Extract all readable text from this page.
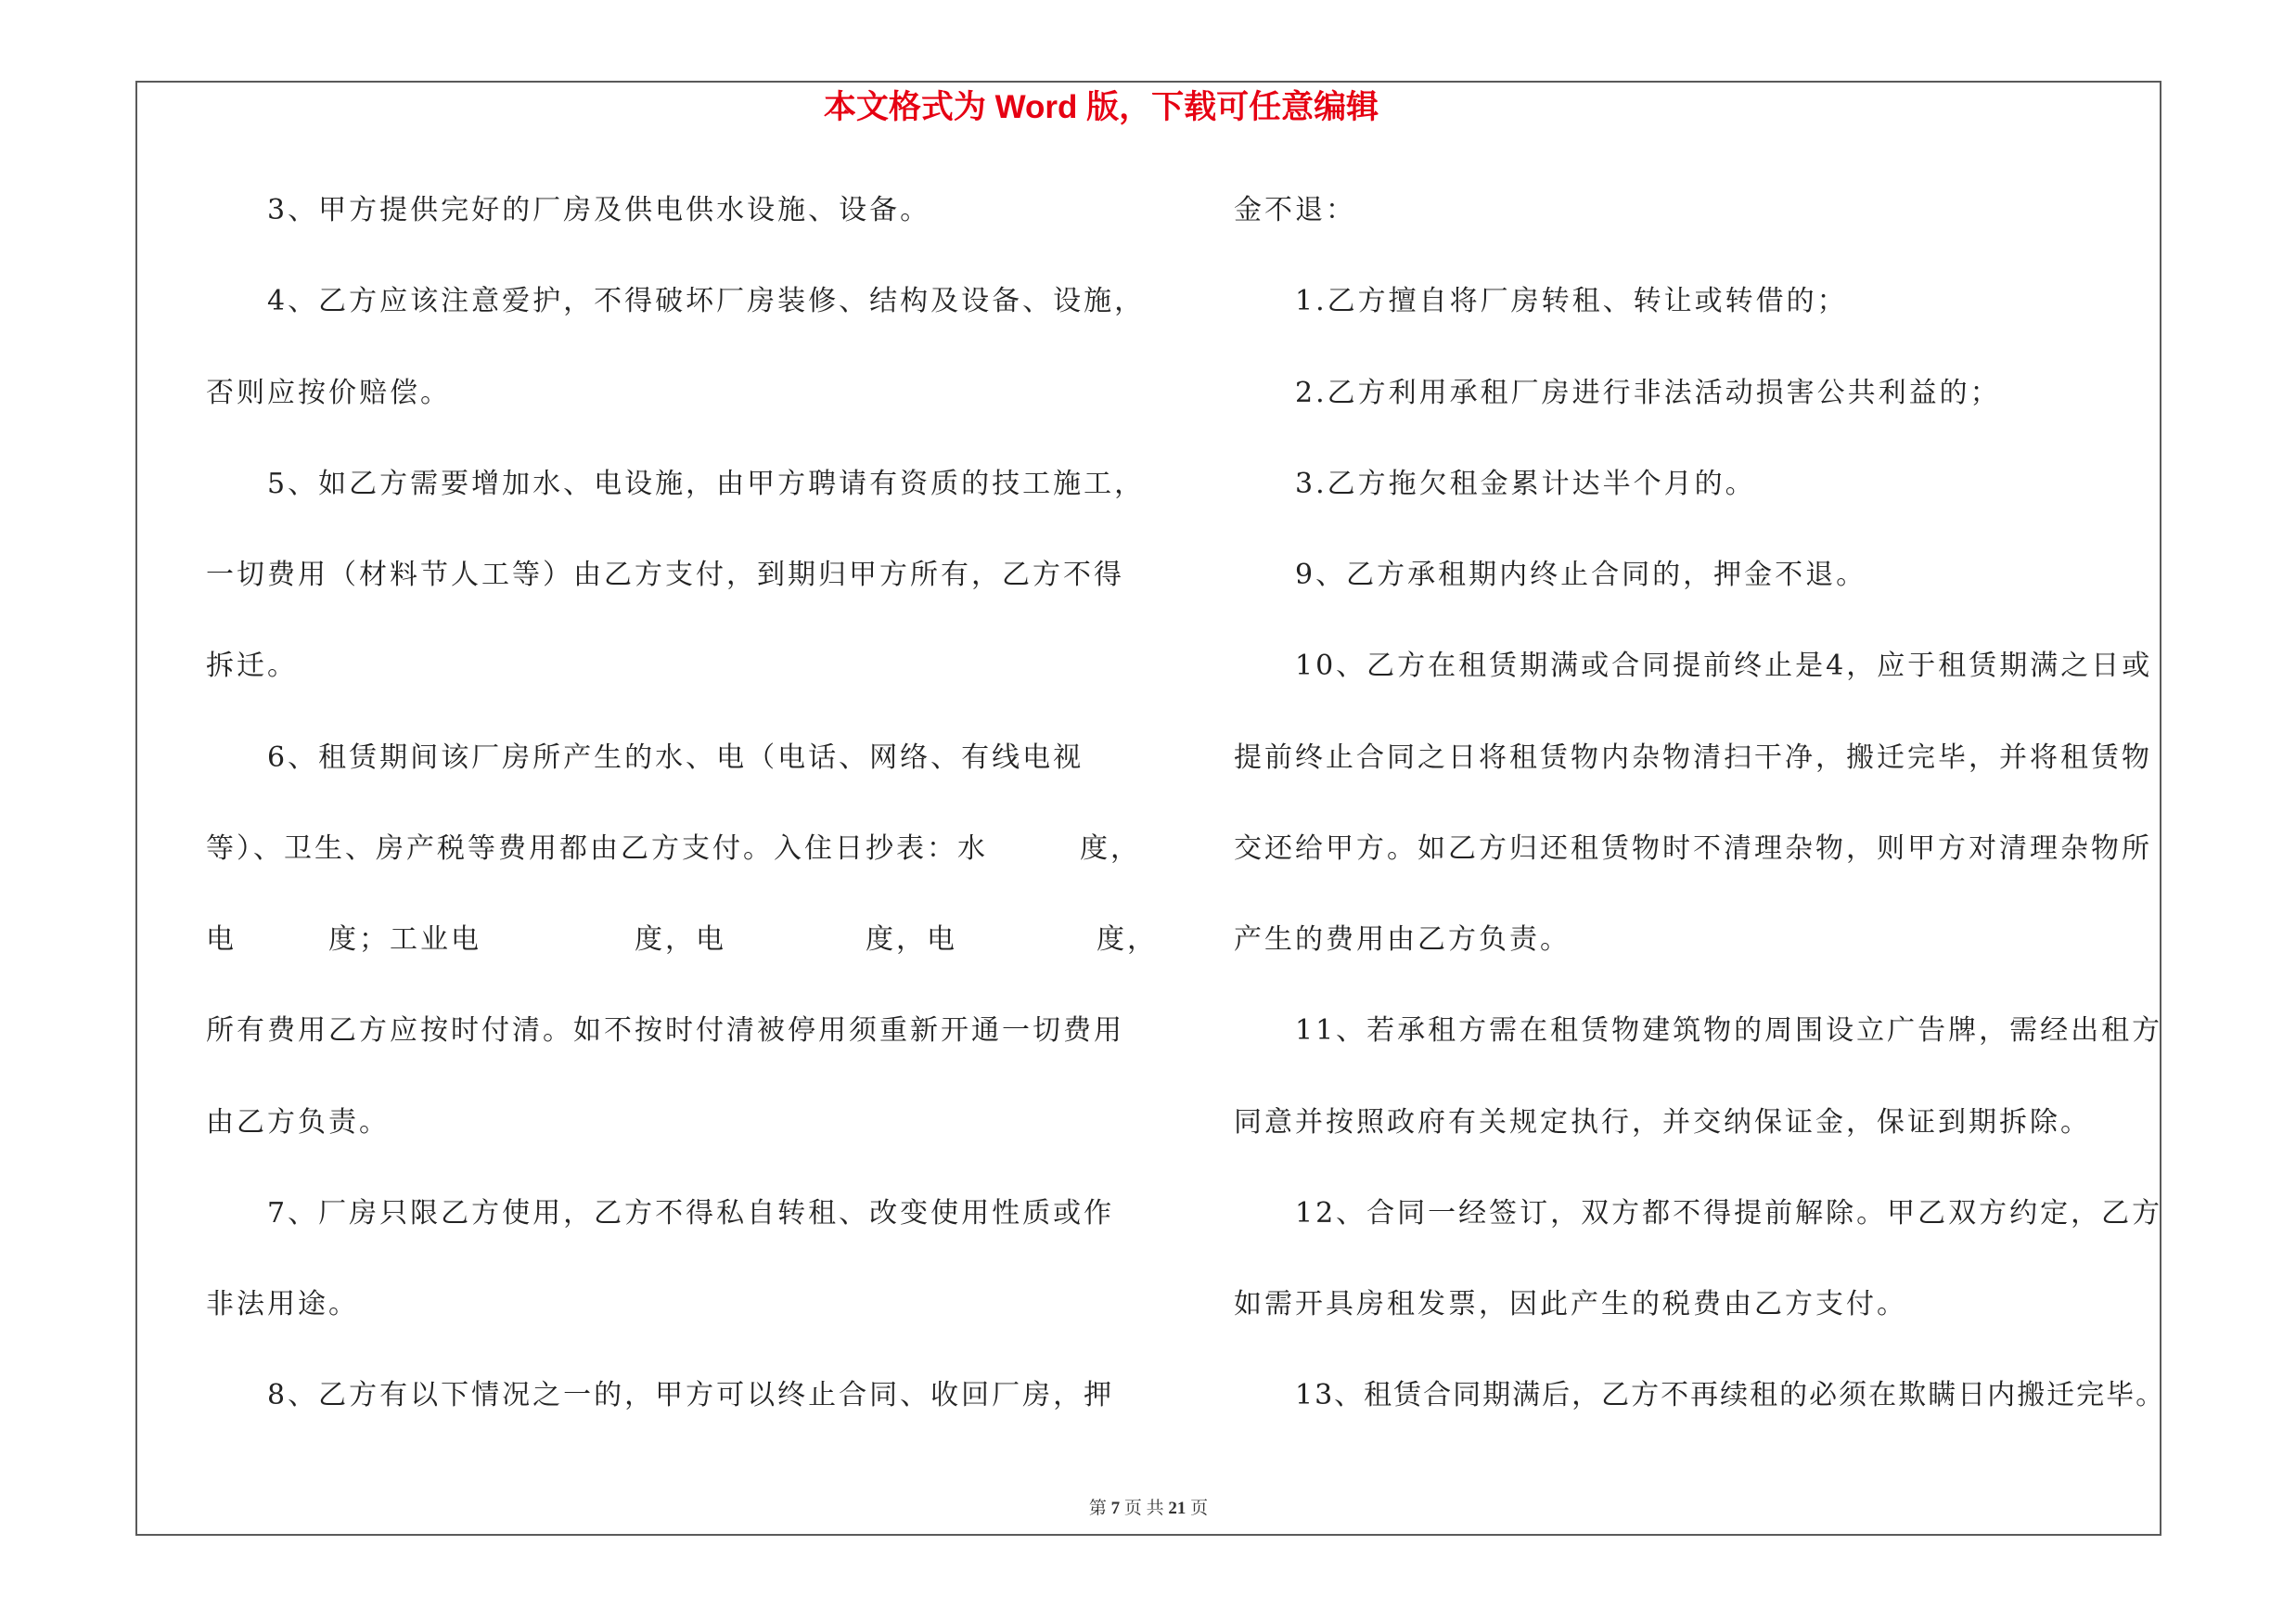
本文格式为 Word 版，下载可任意编辑
3、甲方提供完好的厂房及供电供水设施、设备。
4、乙方应该注意爱护，不得破坏厂房装修、结构及设备、设施，
否则应按价赔偿。
5、如乙方需要增加水、电设施，由甲方聘请有资质的技工施工，
一切费用（材料节人工等）由乙方支付，到期归甲方所有，乙方不得
拆迁。
6、租赁期间该厂房所产生的水、电（电话、网络、有线电视
等）、卫生、房产税等费用都由乙方支付。入住日抄表：水　　　度，
电　　　度；工业电　　　　　度，电　　　　 度，电　　　　 度，
所有费用乙方应按时付清。如不按时付清被停用须重新开通一切费用
由乙方负责。
7、厂房只限乙方使用，乙方不得私自转租、改变使用性质或作
非法用途。
8、乙方有以下情况之一的，甲方可以终止合同、收回厂房，押
金不退：
1.乙方擅自将厂房转租、转让或转借的；
2.乙方利用承租厂房进行非法活动损害公共利益的；
3.乙方拖欠租金累计达半个月的。
9、乙方承租期内终止合同的，押金不退。
10、乙方在租赁期满或合同提前终止是4，应于租赁期满之日或
提前终止合同之日将租赁物内杂物清扫干净，搬迁完毕，并将租赁物
交还给甲方。如乙方归还租赁物时不清理杂物，则甲方对清理杂物所
产生的费用由乙方负责。
11、若承租方需在租赁物建筑物的周围设立广告牌，需经出租方
同意并按照政府有关规定执行，并交纳保证金，保证到期拆除。
12、合同一经签订，双方都不得提前解除。甲乙双方约定，乙方
如需开具房租发票，因此产生的税费由乙方支付。
13、租赁合同期满后，乙方不再续租的必须在欺瞒日内搬迁完毕。
第 7 页 共 21 页
